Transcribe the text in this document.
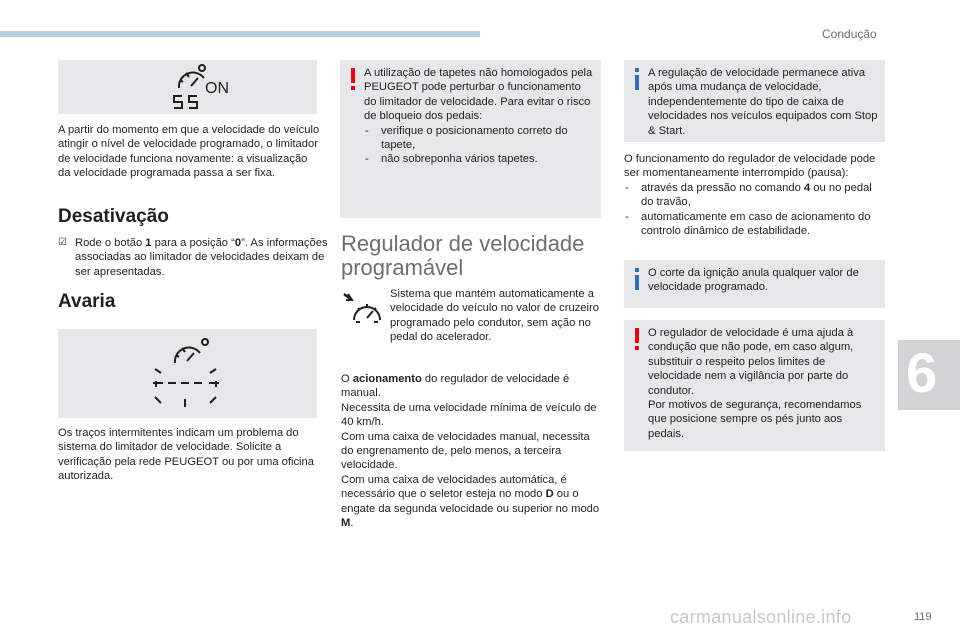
Condução
6
119
carmanualsonline.info
ON

A partir do momento em que a velocidade do veículo atingir o nível de velocidade programado, o limitador de velocidade funciona novamente: a visualização da velocidade programada passa a ser fixa.

Desativação
☑ Rode o botão 1 para a posição “0”. As informações associadas ao limitador de velocidades deixam de ser apresentadas.
Avaria

Os traços intermitentes indicam um problema do sistema do limitador de velocidade. Solicite a verificação pela rede PEUGEOT ou por uma oficina autorizada.

A utilização de tapetes não homologados pela PEUGEOT pode perturbar o funcionamento do limitador de velocidade. Para evitar o risco de bloqueio dos pedais:

- verifique o posicionamento correto do tapete,
- não sobreponha vários tapetes.
Regulador de velocidade
programável

Sistema que mantém automaticamente a velocidade do veículo no valor de cruzeiro programado pelo condutor, sem ação no pedal do acelerador.

O acionamento do regulador de velocidade é manual.

Necessita de uma velocidade mínima de veículo de 40 km/h.

Com uma caixa de velocidades manual, necessita do engrenamento de, pelo menos, a terceira velocidade.

Com uma caixa de velocidades automática, é necessário que o seletor esteja no modo D ou o engate da segunda velocidade ou superior no modo M.

A regulação de velocidade permanece ativa após uma mudança de velocidade, independentemente do tipo de caixa de velocidades nos veículos equipados com Stop & Start.

O funcionamento do regulador de velocidade pode ser momentaneamente interrompido (pausa):

- através da pressão no comando 4 ou no pedal do travão,
- automaticamente em caso de acionamento do controlo dinâmico de estabilidade.
O corte da ignição anula qualquer valor de velocidade programado.

O regulador de velocidade é uma ajuda à condução que não pode, em caso algum, substituir o respeito pelos limites de velocidade nem a vigilância por parte do condutor.

Por motivos de segurança, recomendamos que posicione sempre os pés junto aos pedais.
